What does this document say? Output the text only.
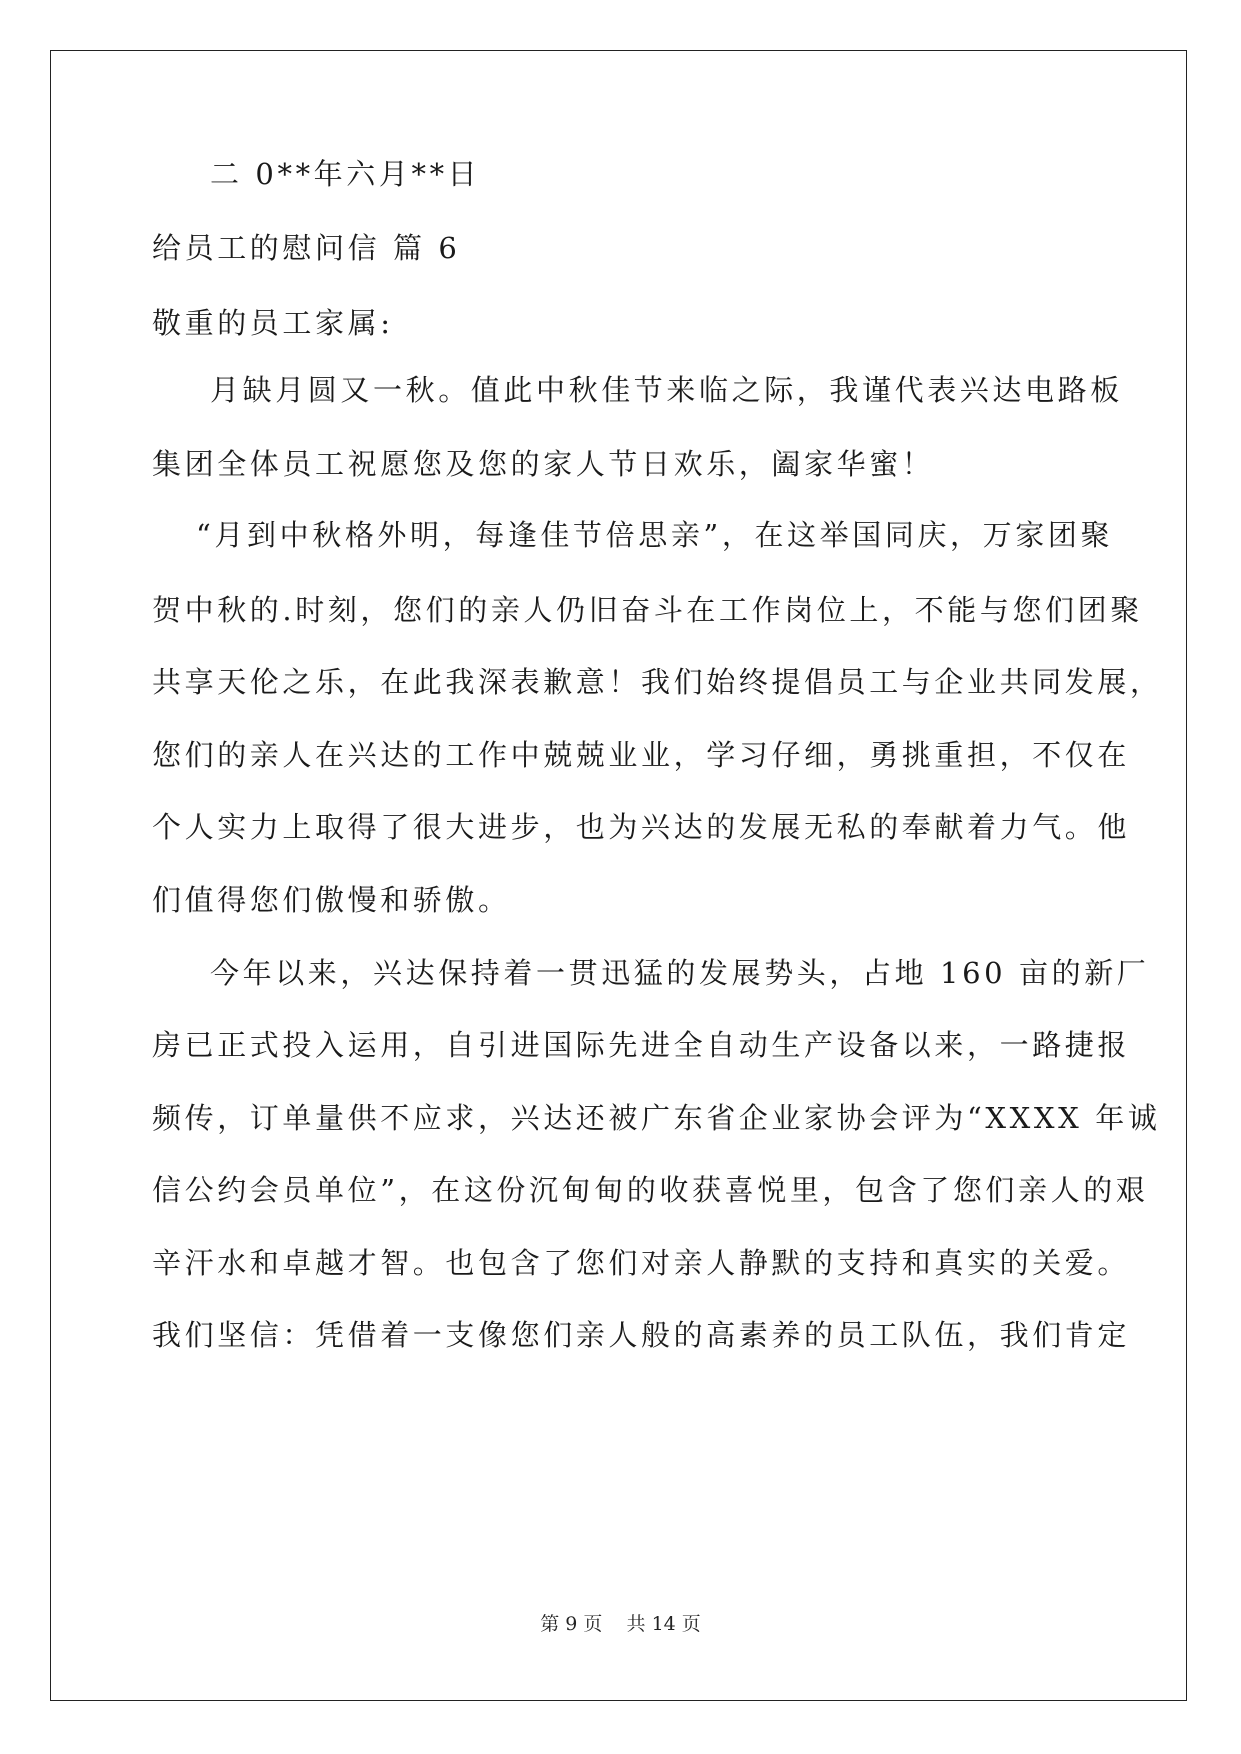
二 0**年六月**日
给员工的慰问信 篇 6
敬重的员工家属:
月缺月圆又一秋。值此中秋佳节来临之际，我谨代表兴达电路板
集团全体员工祝愿您及您的家人节日欢乐，阖家华蜜！
“月到中秋格外明，每逢佳节倍思亲”，在这举国同庆，万家团聚
贺中秋的.时刻，您们的亲人仍旧奋斗在工作岗位上，不能与您们团聚
共享天伦之乐，在此我深表歉意！我们始终提倡员工与企业共同发展，
您们的亲人在兴达的工作中兢兢业业，学习仔细，勇挑重担，不仅在
个人实力上取得了很大进步，也为兴达的发展无私的奉献着力气。他
们值得您们傲慢和骄傲。
今年以来，兴达保持着一贯迅猛的发展势头，占地 160 亩的新厂
房已正式投入运用，自引进国际先进全自动生产设备以来，一路捷报
频传，订单量供不应求，兴达还被广东省企业家协会评为“XXXX 年诚
信公约会员单位”，在这份沉甸甸的收获喜悦里，包含了您们亲人的艰
辛汗水和卓越才智。也包含了您们对亲人静默的支持和真实的关爱。
我们坚信：凭借着一支像您们亲人般的高素养的员工队伍，我们肯定
第 9 页 共 14 页
